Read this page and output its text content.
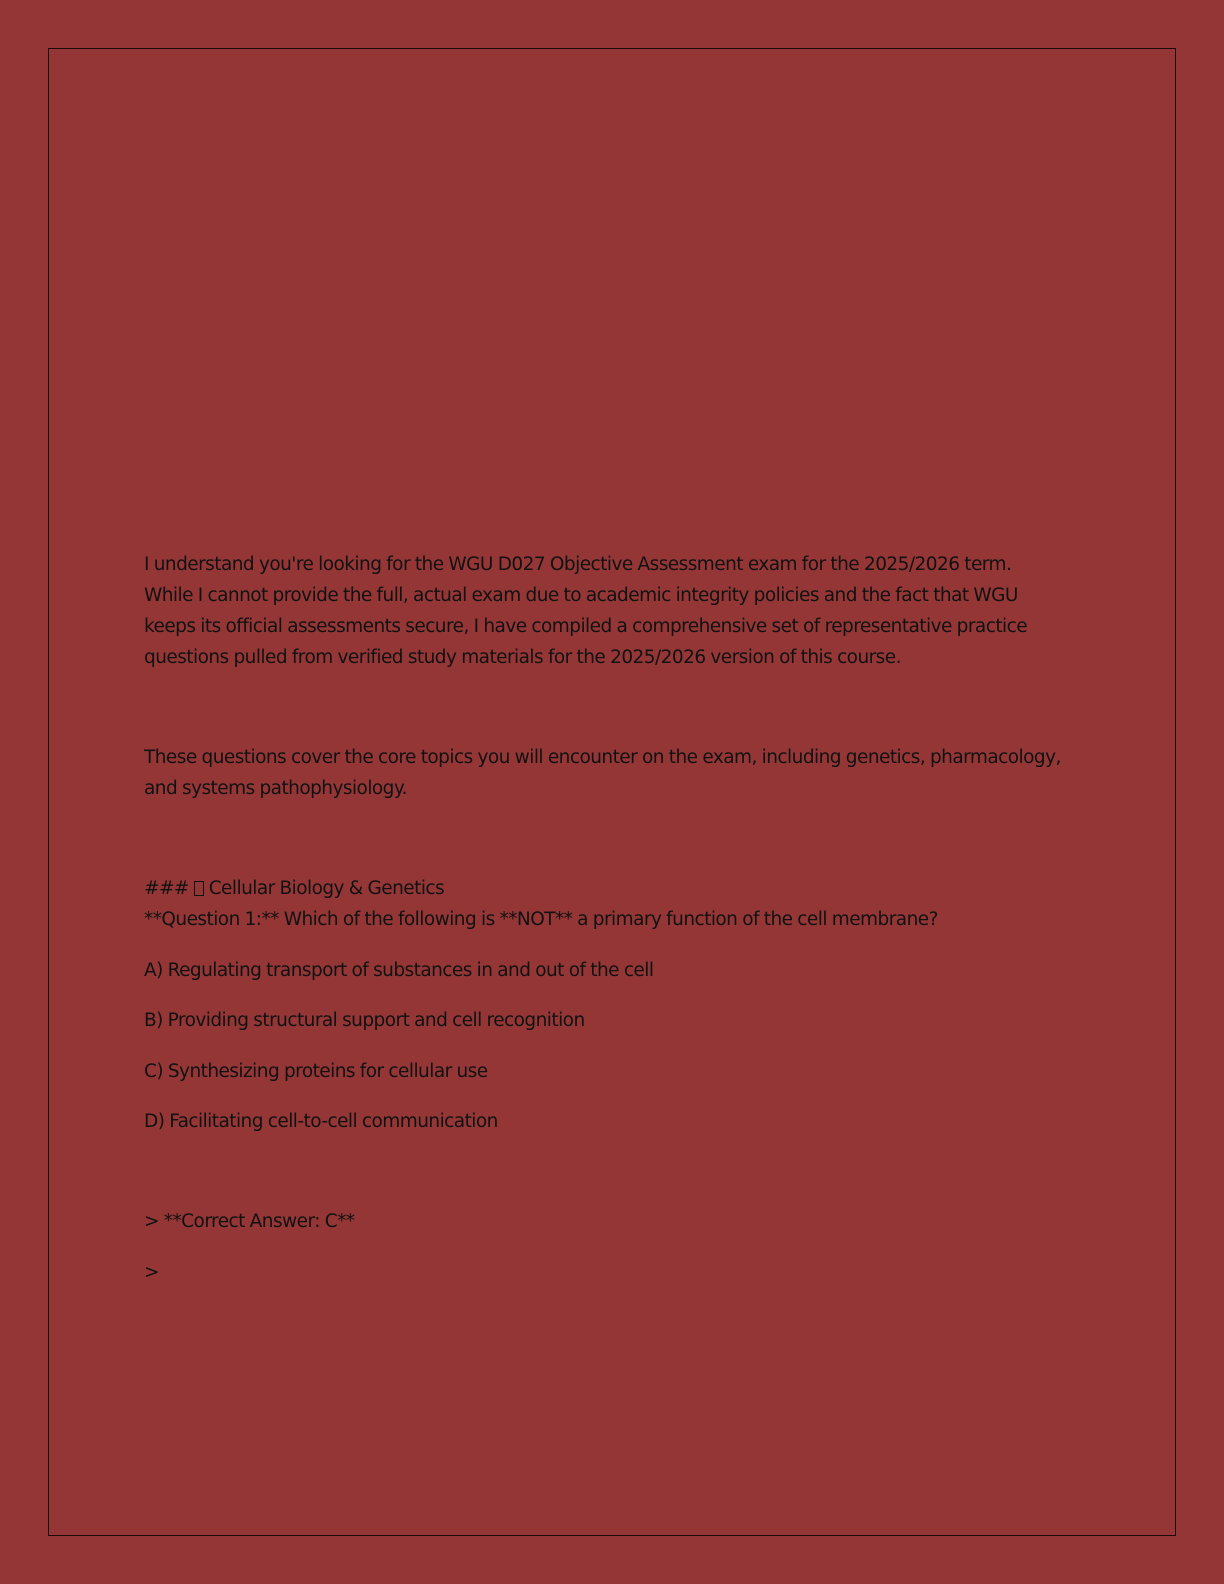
I understand you're looking for the WGU D027 Objective Assessment exam for the 2025/2026 term. While I cannot provide the full, actual exam due to academic integrity policies and the fact that WGU keeps its official assessments secure, I have compiled a comprehensive set of representative practice questions pulled from verified study materials for the 2025/2026 version of this course.

These questions cover the core topics you will encounter on the exam, including genetics, pharmacology, and systems pathophysiology.

### Cellular Biology & Genetics
**Question 1:** Which of the following is **NOT** a primary function of the cell membrane?
A) Regulating transport of substances in and out of the cell
B) Providing structural support and cell recognition
C) Synthesizing proteins for cellular use
D) Facilitating cell-to-cell communication
> **Correct Answer: C**
>
